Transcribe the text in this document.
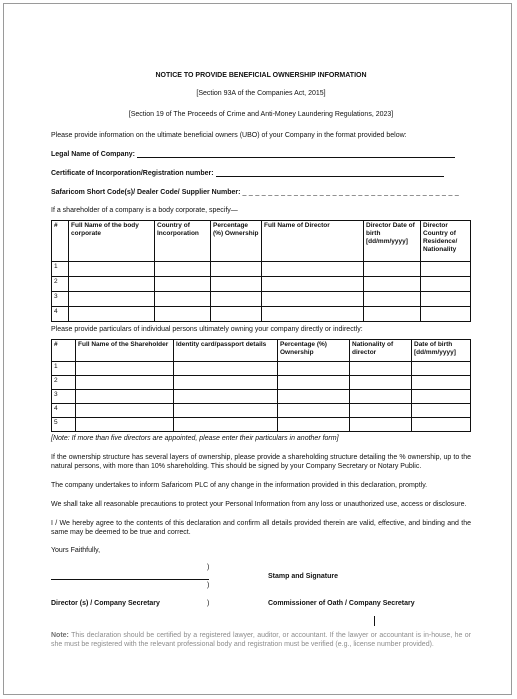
NOTICE TO PROVIDE BENEFICIAL OWNERSHIP INFORMATION
[Section 93A of the Companies Act, 2015]
[Section 19 of The Proceeds of Crime and Anti-Money Laundering Regulations, 2023]

Please provide information on the ultimate beneficial owners (UBO) of your Company in the format provided below:

Legal Name of Company:
Certificate of Incorporation/Registration number:
Safaricom Short Code(s)/ Dealer Code/ Supplier Number: _ _ _ _ _ _ _ _ _ _ _ _ _ _ _ _ _ _ _ _ _ _ _ _ _ _ _ _ _ _ _ _ _ _

If a shareholder of a company is a body corporate, specify—

#	Full Name of the body corporate	Country of Incorporation	Percentage (%) Ownership	Full Name of Director	Director Date of birth [dd/mm/yyyy]	Director Country of Residence/ Nationality
1						
2						
3						
4						

Please provide particulars of individual persons ultimately owning your company directly or indirectly:

#	Full Name of the Shareholder	Identity card/passport details	Percentage (%) Ownership	Nationality of director	Date of birth [dd/mm/yyyy]
1					
2					
3					
4					
5					

[Note: If more than five directors are appointed, please enter their particulars in another form]

If the ownership structure has several layers of ownership, please provide a shareholding structure detailing the % ownership, up to the natural persons, with more than 10% shareholding. This should be signed by your Company Secretary or Notary Public.

The company undertakes to inform Safaricom PLC of any change in the information provided in this declaration, promptly.

We shall take all reasonable precautions to protect your Personal Information from any loss or unauthorized use, access or disclosure.

I / We hereby agree to the contents of this declaration and confirm all details provided therein are valid, effective, and binding and the same may be deemed to be true and correct.

Yours Faithfully,

)
)
)
Stamp and Signature
Director (s) / Company Secretary	Commissioner of Oath / Company Secretary

Note: This declaration should be certified by a registered lawyer, auditor, or accountant. If the lawyer or accountant is in-house, he or she must be registered with the relevant professional body and registration must be verified (e.g., license number provided).
